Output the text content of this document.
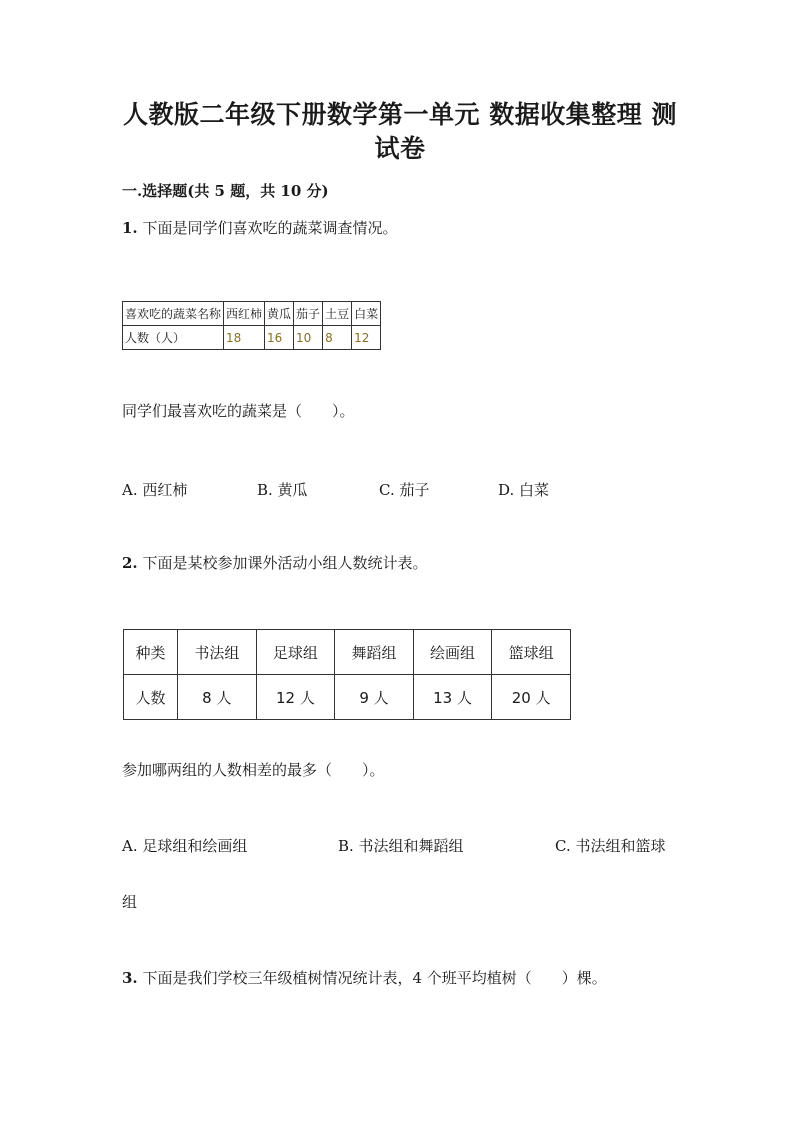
人教版二年级下册数学第一单元 数据收集整理 测
试卷
一.选择题(共 5 题，共 10 分)
1. 下面是同学们喜欢吃的蔬菜调查情况。
喜欢吃的蔬菜名称	西红柿	黄瓜	茄子	土豆	白菜
人数（人）	18	16	10	8	12
同学们最喜欢吃的蔬菜是（　　）。
A. 西红柿	B. 黄瓜	C. 茄子	D. 白菜
2. 下面是某校参加课外活动小组人数统计表。
种类	书法组	足球组	舞蹈组	绘画组	篮球组
人数	8 人	12 人	9 人	13 人	20 人
参加哪两组的人数相差的最多（　　）。
A. 足球组和绘画组	B. 书法组和舞蹈组	C. 书法组和篮球
组
3. 下面是我们学校三年级植树情况统计表，4 个班平均植树（　　）棵。
